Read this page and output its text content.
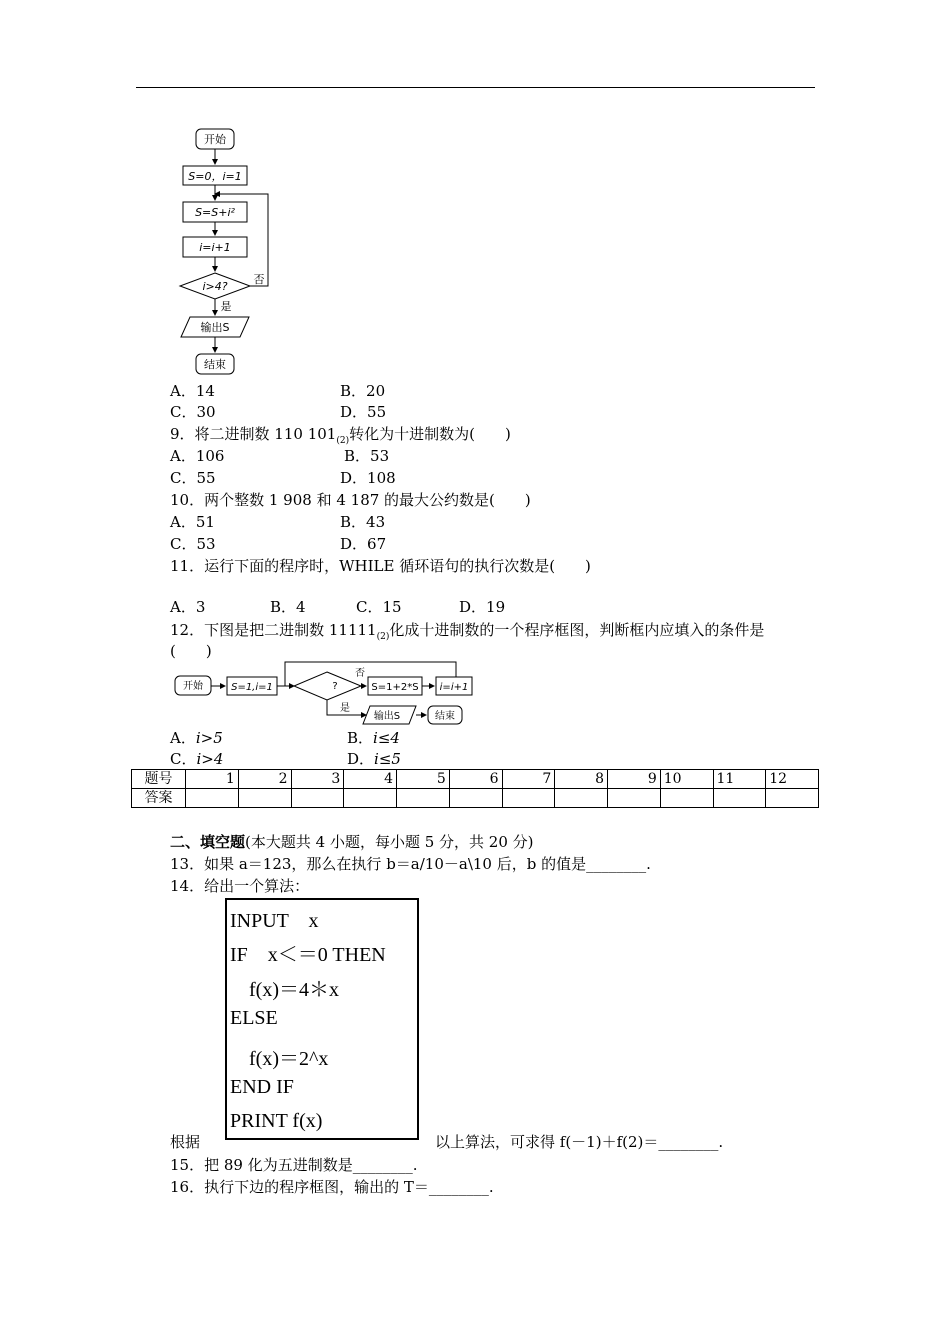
开始
S=0，i=1
S=S+i²
i=i+1
i>4?
否
是
输出S
结束
A．14	B．20
C．30	D．55
9．将二进制数 110 $101_{(2)}$转化为十进制数为(　　)
A．106	B．53
C．55	D．108
10．两个整数 1 908 和 4 187 的最大公约数是(　　)
A．51	B．43
C．53	D．67
11．运行下面的程序时，WHILE 循环语句的执行次数是(　　)
A．3	B．4	C．15	D．19
12．下图是把二进制数 $11111_{(2)}$化成十进制数的一个程序框图，判断框内应填入的条件是
(　　)
开始	S=1,i=1	?
否
S=1+2*S i=i+1
是
输出S	结束
A．i>5	B．i≤4
C．i>4	D．i≤5
题号	1	2	3	4	5	6	7	8	9	10	11	12
答案												
二、填空题(本大题共 4 小题，每小题 5 分，共 20 分)
13．如果 a＝123，那么在执行 b＝a/10－a\10 后，b 的值是________.
14．给出一个算法：
INPUT　x
IF　x＜＝0 THEN
f(x)＝4＊x
ELSE
f(x)＝2^x
END IF
PRINT f(x)
根据	以上算法，可求得 f(－1)＋f(2)＝________.
15．把 89 化为五进制数是________.
16．执行下边的程序框图，输出的 T＝________.
